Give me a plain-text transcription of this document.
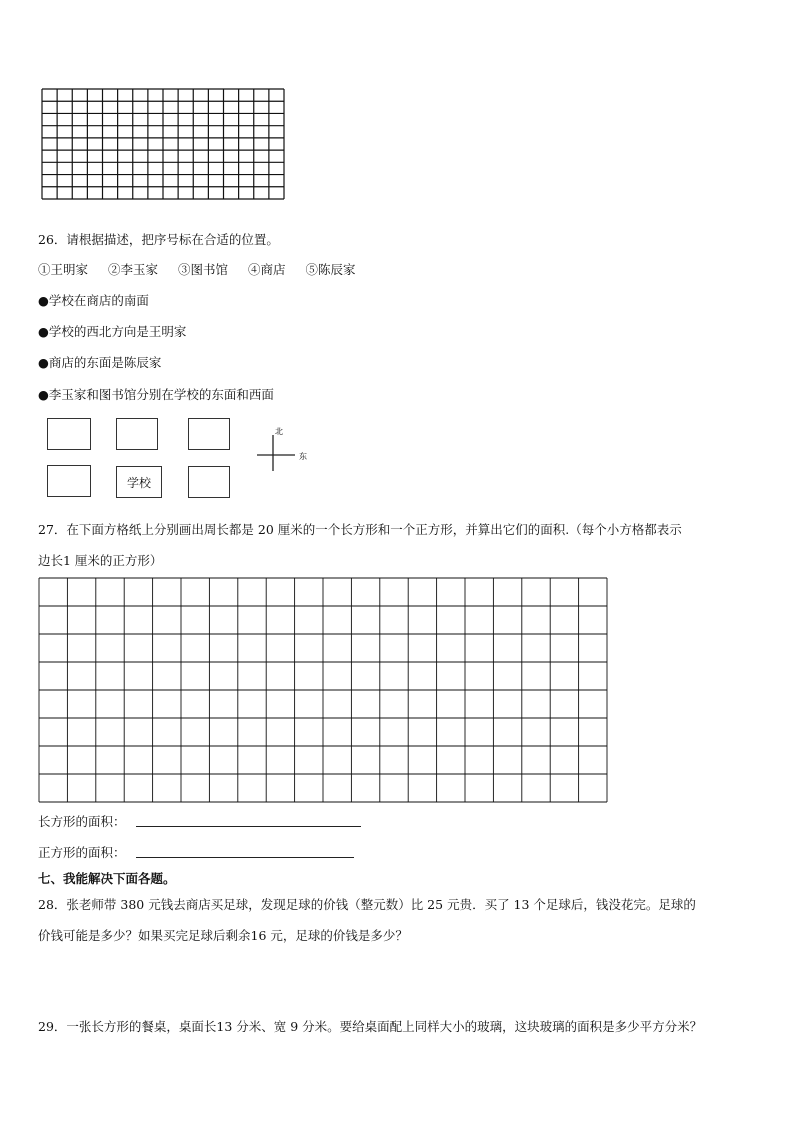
26．请根据描述，把序号标在合适的位置。
①王明家 ②李玉家 ③图书馆 ④商店 ⑤陈辰家
●学校在商店的南面
●学校的西北方向是王明家
●商店的东面是陈辰家
●李玉家和图书馆分别在学校的东面和西面
学校
北
东
27．在下面方格纸上分别画出周长都是 20 厘米的一个长方形和一个正方形，并算出它们的面积.（每个小方格都表示
边长1 厘米的正方形）
长方形的面积：
正方形的面积：
七、我能解决下面各题。
28．张老师带 380 元钱去商店买足球，发现足球的价钱（整元数）比 25 元贵．买了 13 个足球后，钱没花完。足球的
价钱可能是多少？如果买完足球后剩余16 元，足球的价钱是多少？
29．一张长方形的餐桌，桌面长13 分米、宽 9 分米。要给桌面配上同样大小的玻璃，这块玻璃的面积是多少平方分米？
